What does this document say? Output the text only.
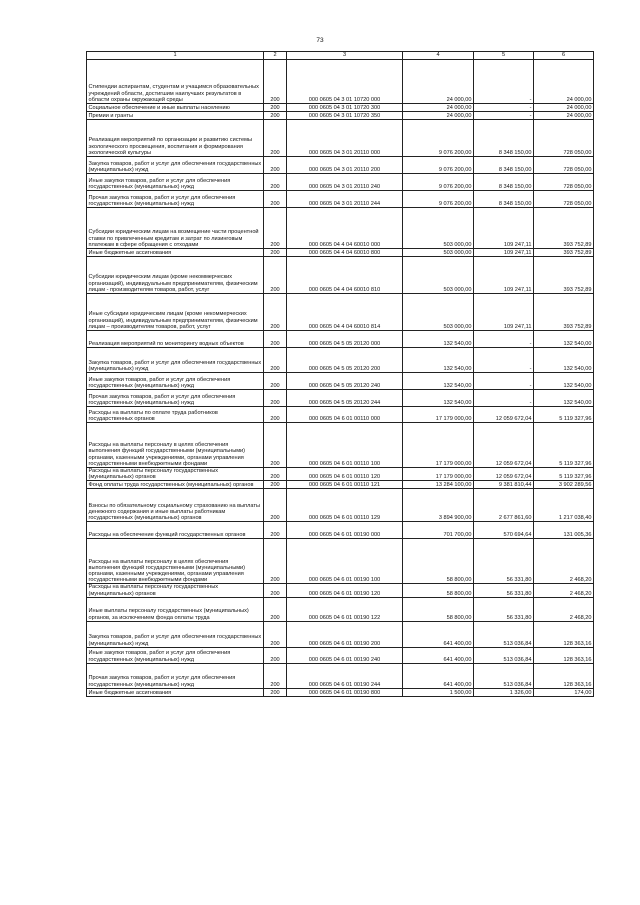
73
1	2	3	4	5	6
Стипендии аспирантам, студентам и учащимся образовательных учреждений области, достигшим наилучших результатов в области охраны окружающей среды	200	000 0605 04 3 01 10720 000	24 000,00	-	24 000,00
Социальное обеспечение и иные выплаты населению	200	000 0605 04 3 01 10720 300	24 000,00	-	24 000,00
Премии и гранты	200	000 0605 04 3 01 10720 350	24 000,00	-	24 000,00
Реализация мероприятий по организации и развитию системы экологического просвещения, воспитания и формирования экологической культуры	200	000 0605 04 3 01 20110 000	9 076 200,00	8 348 150,00	728 050,00
Закупка товаров, работ и услуг для обеспечения государственных (муниципальных) нужд	200	000 0605 04 3 01 20110 200	9 076 200,00	8 348 150,00	728 050,00
Иные закупки товаров, работ и услуг для обеспечения государственных (муниципальных) нужд	200	000 0605 04 3 01 20110 240	9 076 200,00	8 348 150,00	728 050,00
Прочая закупка товаров, работ и услуг для обеспечения государственных (муниципальных) нужд	200	000 0605 04 3 01 20110 244	9 076 200,00	8 348 150,00	728 050,00
Субсидии юридическим лицам на возмещение части процентной ставки по привлеченным кредитам и затрат по лизинговым платежам в сфере обращения с отходами	200	000 0605 04 4 04 60010 000	503 000,00	109 247,11	393 752,89
Иные бюджетные ассигнования	200	000 0605 04 4 04 60010 800	503 000,00	109 247,11	393 752,89
Субсидии юридическим лицам (кроме некоммерческих организаций), индивидуальным предпринимателям, физическим лицам - производителям товаров, работ, услуг	200	000 0605 04 4 04 60010 810	503 000,00	109 247,11	393 752,89
Иные субсидии юридическим лицам (кроме некоммерческих организаций), индивидуальным предпринимателям, физическим лицам – производителям товаров, работ, услуг	200	000 0605 04 4 04 60010 814	503 000,00	109 247,11	393 752,89
Реализация мероприятий по мониторингу водных объектов	200	000 0605 04 5 05 20120 000	132 540,00	-	132 540,00
Закупка товаров, работ и услуг для обеспечения государственных (муниципальных) нужд	200	000 0605 04 5 05 20120 200	132 540,00	-	132 540,00
Иные закупки товаров, работ и услуг для обеспечения государственных (муниципальных) нужд	200	000 0605 04 5 05 20120 240	132 540,00	-	132 540,00
Прочая закупка товаров, работ и услуг для обеспечения государственных (муниципальных) нужд	200	000 0605 04 5 05 20120 244	132 540,00	-	132 540,00
Расходы на выплаты по оплате труда работников государственных органов	200	000 0605 04 6 01 00110 000	17 179 000,00	12 059 672,04	5 119 327,96
Расходы на выплаты персоналу в целях обеспечения выполнения функций государственными (муниципальными) органами, казенными учреждениями, органами управления государственными внебюджетными фондами	200	000 0605 04 6 01 00110 100	17 179 000,00	12 059 672,04	5 119 327,96
Расходы на выплаты персоналу государственных (муниципальных) органов	200	000 0605 04 6 01 00110 120	17 179 000,00	12 059 672,04	5 119 327,96
Фонд оплаты труда государственных (муниципальных) органов	200	000 0605 04 6 01 00110 121	13 284 100,00	9 381 810,44	3 902 289,56
Взносы по обязательному социальному страхованию на выплаты денежного содержания и иные выплаты работникам государственных (муниципальных) органов	200	000 0605 04 6 01 00110 129	3 894 900,00	2 677 861,60	1 217 038,40
Расходы на обеспечение функций государственных органов	200	000 0605 04 6 01 00190 000	701 700,00	570 694,64	131 005,36
Расходы на выплаты персоналу в целях обеспечения выполнения функций государственными (муниципальными) органами, казенными учреждениями, органами управления государственными внебюджетными фондами	200	000 0605 04 6 01 00190 100	58 800,00	56 331,80	2 468,20
Расходы на выплаты персоналу государственных (муниципальных) органов	200	000 0605 04 6 01 00190 120	58 800,00	56 331,80	2 468,20
Иные выплаты персоналу государственных (муниципальных) органов, за исключением фонда оплаты труда	200	000 0605 04 6 01 00190 122	58 800,00	56 331,80	2 468,20
Закупка товаров, работ и услуг для обеспечения государственных (муниципальных) нужд	200	000 0605 04 6 01 00190 200	641 400,00	513 036,84	128 363,16
Иные закупки товаров, работ и услуг для обеспечения государственных (муниципальных) нужд	200	000 0605 04 6 01 00190 240	641 400,00	513 036,84	128 363,16
Прочая закупка товаров, работ и услуг для обеспечения государственных (муниципальных) нужд	200	000 0605 04 6 01 00190 244	641 400,00	513 036,84	128 363,16
Иные бюджетные ассигнования	200	000 0605 04 6 01 00190 800	1 500,00	1 326,00	174,00
